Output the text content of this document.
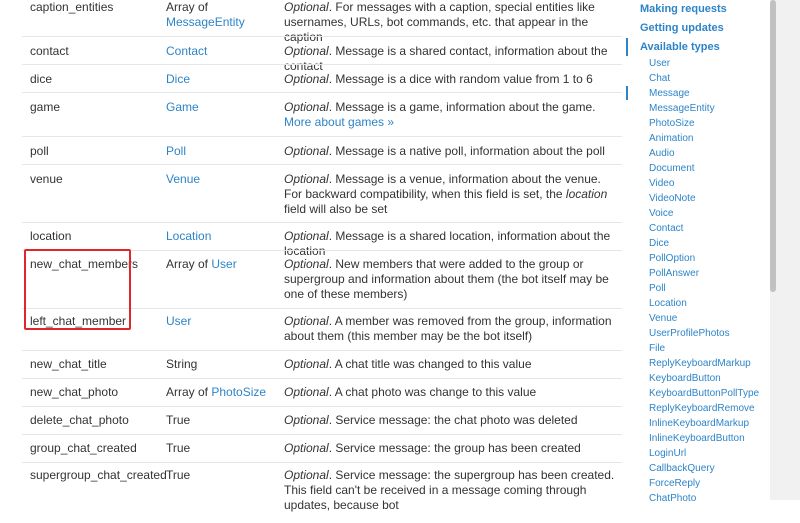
caption_entities	Array of
MessageEntity
Optional. For messages with a caption, special entities like usernames, URLs, bot commands, etc. that appear in the caption
contact	Contact	Optional. Message is a shared contact, information about the contact
dice	Dice	Optional. Message is a dice with random value from 1 to 6
game	Game	Optional. Message is a game, information about the game. More about games »
poll	Poll	Optional. Message is a native poll, information about the poll
venue	Venue	Optional. Message is a venue, information about the venue. For backward compatibility, when this field is set, the location field will also be set
location	Location	Optional. Message is a shared location, information about the location
new_chat_members	Array of User	Optional. New members that were added to the group or supergroup and information about them (the bot itself may be one of these members)
left_chat_member	User	Optional. A member was removed from the group, information about them (this member may be the bot itself)
new_chat_title	String	Optional. A chat title was changed to this value
new_chat_photo	Array of PhotoSize	Optional. A chat photo was change to this value
delete_chat_photo	True	Optional. Service message: the chat photo was deleted
group_chat_created	True	Optional. Service message: the group has been created
supergroup_chat_created True	Optional. Service message: the supergroup has been created. This field can't be received in a message coming through updates, because bot
Making requests
Getting updates
Available types
User
Chat
Message
MessageEntity
PhotoSize
Animation
Audio
Document
Video
VideoNote
Voice
Contact
Dice
PollOption
PollAnswer
Poll
Location
Venue
UserProfilePhotos
File
ReplyKeyboardMarkup
KeyboardButton
KeyboardButtonPollType
ReplyKeyboardRemove
InlineKeyboardMarkup
InlineKeyboardButton
LoginUrl
CallbackQuery
ForceReply
ChatPhoto
